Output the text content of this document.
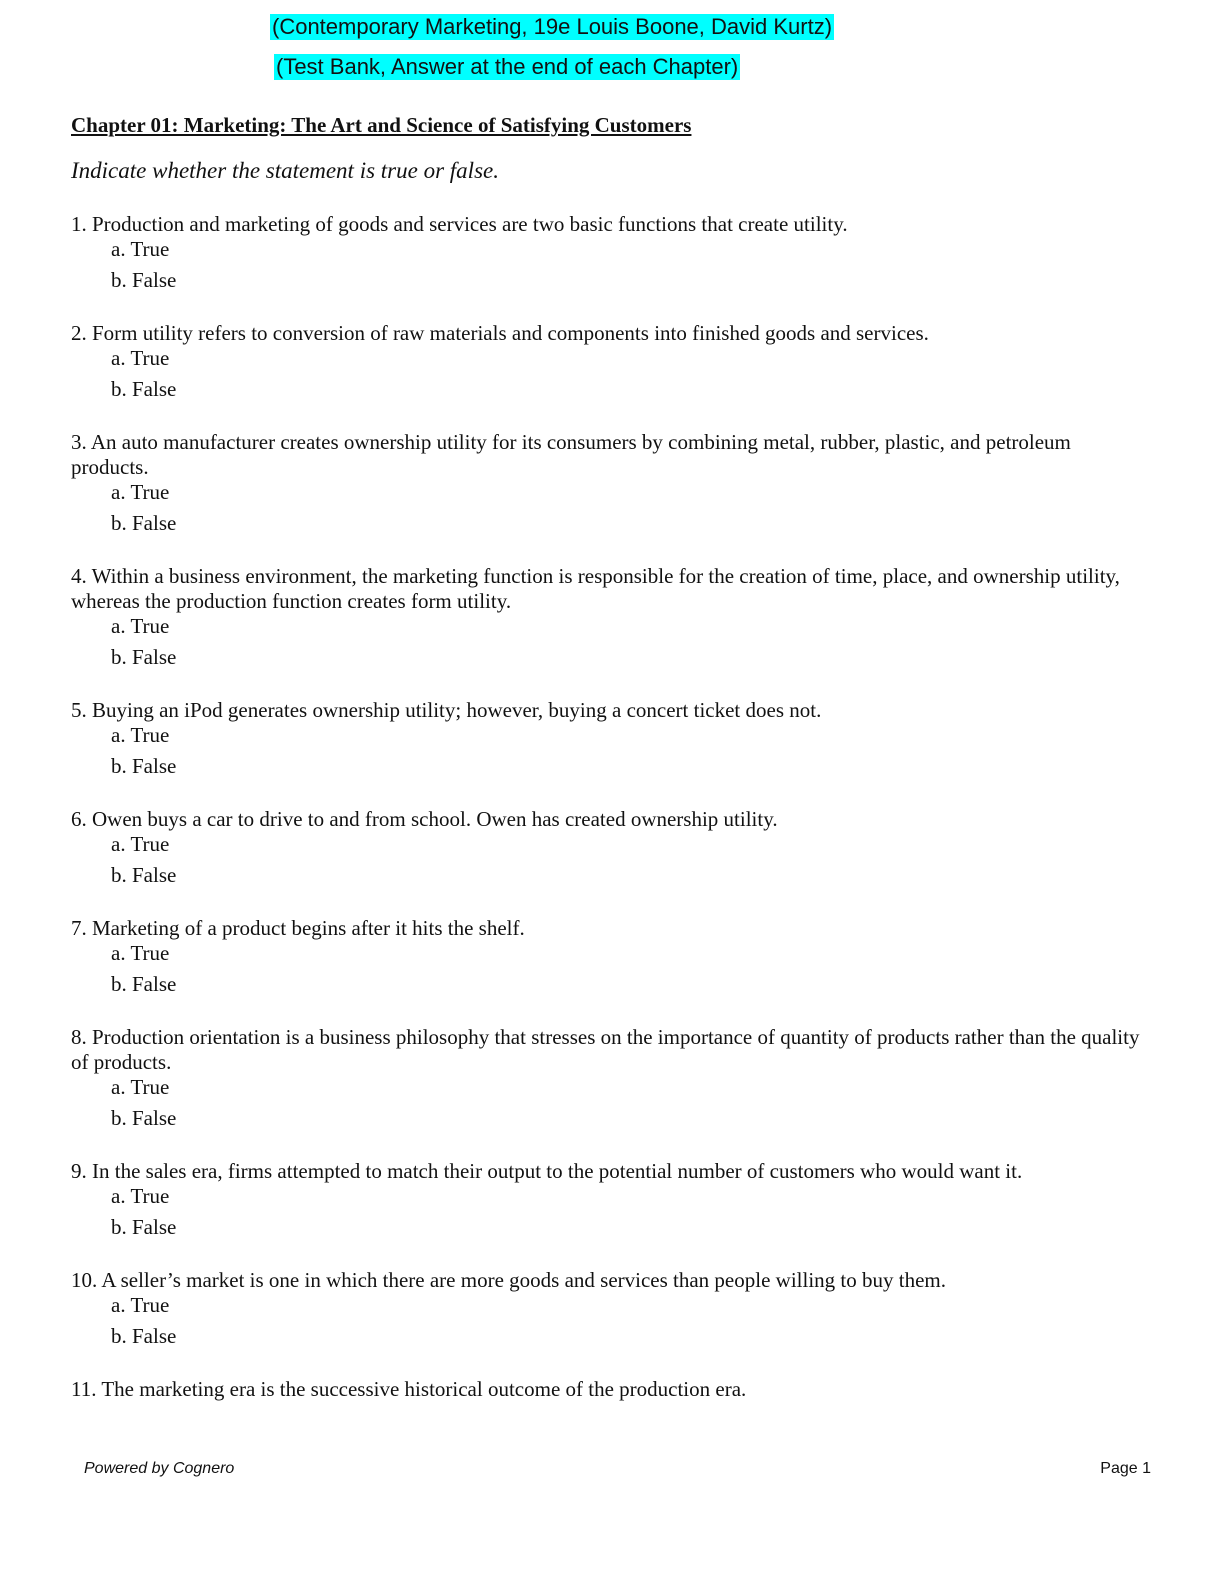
(Contemporary Marketing, 19e Louis Boone, David Kurtz)
(Test Bank, Answer at the end of each Chapter)
Chapter 01: Marketing: The Art and Science of Satisfying Customers
Indicate whether the statement is true or false.
1. Production and marketing of goods and services are two basic functions that create utility.
a. True
b. False
2. Form utility refers to conversion of raw materials and components into finished goods and services.
a. True
b. False
3. An auto manufacturer creates ownership utility for its consumers by combining metal, rubber, plastic, and petroleum products.
a. True
b. False
4. Within a business environment, the marketing function is responsible for the creation of time, place, and ownership utility, whereas the production function creates form utility.
a. True
b. False
5. Buying an iPod generates ownership utility; however, buying a concert ticket does not.
a. True
b. False
6. Owen buys a car to drive to and from school. Owen has created ownership utility.
a. True
b. False
7. Marketing of a product begins after it hits the shelf.
a. True
b. False
8. Production orientation is a business philosophy that stresses on the importance of quantity of products rather than the quality of products.
a. True
b. False
9. In the sales era, firms attempted to match their output to the potential number of customers who would want it.
a. True
b. False
10. A seller’s market is one in which there are more goods and services than people willing to buy them.
a. True
b. False
11. The marketing era is the successive historical outcome of the production era.
Powered by Cognero	Page 1
